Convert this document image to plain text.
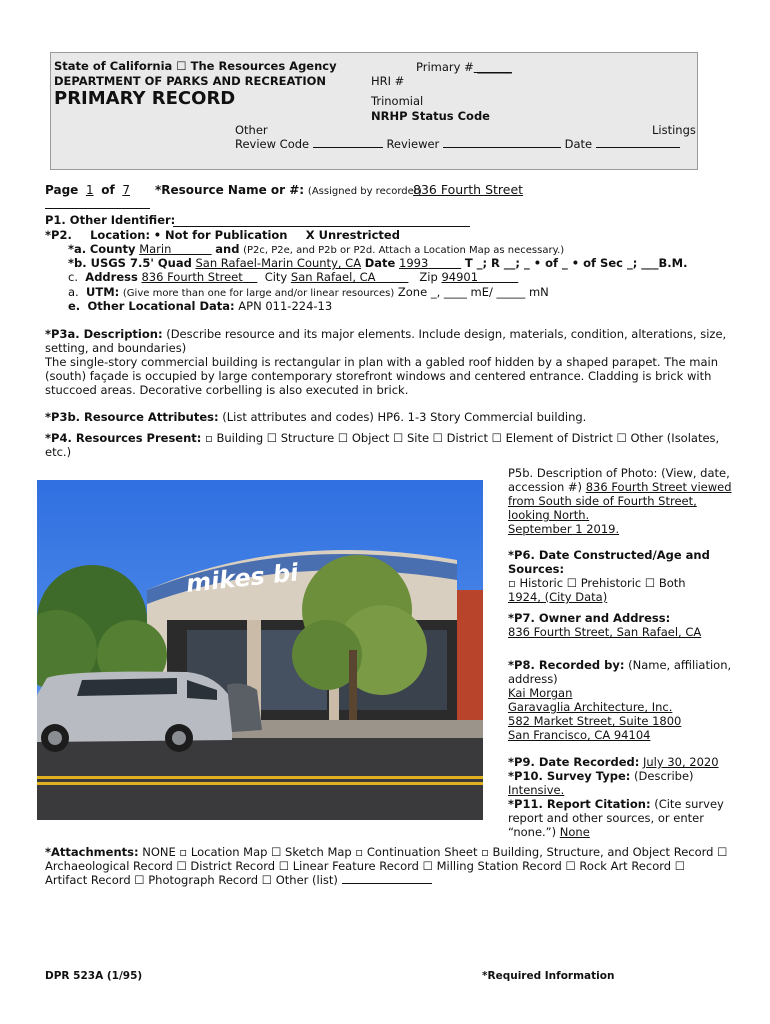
State of California ☐ The Resources Agency
DEPARTMENT OF PARKS AND RECREATION
PRIMARY RECORD
Primary # ______
HRI #
Trinomial
NRHP Status Code
Other	Listings
Review Code	Reviewer	Date
Page 1 of 7 *Resource Name or #: (Assigned by recorder)
836 Fourth Street
P1. Other Identifier:
*P2. Location: • Not for Publication X Unrestricted
*a. County Marin	and (P2c, P2e, and P2b or P2d. Attach a Location Map as necessary.)
*b. USGS 7.5' Quad San Rafael-Marin County, CA Date 1993	T _; R __; _ • of _ • of Sec _; ___B.M.
c. Address 836 Fourth Street City San Rafael, CA	Zip 94901
a. UTM: (Give more than one for large and/or linear resources) Zone _, ____ mE/ _____ mN
e. Other Locational Data: APN 011-224-13
*P3a. Description: (Describe resource and its major elements. Include design, materials, condition, alterations, size,
setting, and boundaries)
The single-story commercial building is rectangular in plan with a gabled roof hidden by a shaped parapet. The main
(south) façade is occupied by large contemporary storefront windows and centered entrance. Cladding is brick with
stuccoed areas. Decorative corbelling is also executed in brick.
*P3b. Resource Attributes: (List attributes and codes) HP6. 1-3 Story Commercial building.
*P4. Resources Present: ▫ Building ☐ Structure ☐ Object ☐ Site ☐ District ☐ Element of District ☐ Other (Isolates,
etc.)
mikes bi
P5b. Description of Photo: (View, date,
accession #) 836 Fourth Street viewed
from South side of Fourth Street,
looking North.
September 1 2019.
*P6. Date Constructed/Age and
Sources:
▫ Historic ☐ Prehistoric ☐ Both
1924, (City Data)
*P7. Owner and Address:
836 Fourth Street, San Rafael, CA
*P8. Recorded by: (Name, affiliation,
address)
Kai Morgan
Garavaglia Architecture, Inc.
582 Market Street, Suite 1800
San Francisco, CA 94104
*P9. Date Recorded: July 30, 2020
*P10. Survey Type: (Describe)
Intensive.
*P11. Report Citation: (Cite survey
report and other sources, or enter
“none.”) None
*Attachments: NONE ▫ Location Map ☐ Sketch Map ▫ Continuation Sheet ▫ Building, Structure, and Object Record ☐
Archaeological Record ☐ District Record ☐ Linear Feature Record ☐ Milling Station Record ☐ Rock Art Record ☐
Artifact Record ☐ Photograph Record ☐ Other (list)
DPR 523A (1/95)	*Required Information
